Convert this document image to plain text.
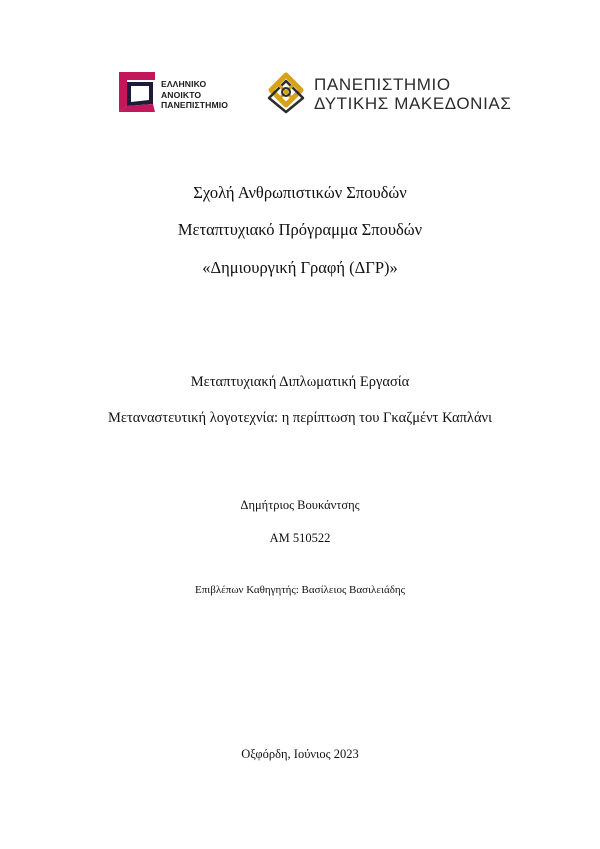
ΕΛΛΗΝΙΚΟ
ΑΝΟΙΚΤΟ
ΠΑΝΕΠΙΣΤΗΜΙΟ
ΠΑΝΕΠΙΣΤΗΜΙΟ
ΔΥΤΙΚΗΣ ΜΑΚΕΔΟΝΙΑΣ
Σχολή Ανθρωπιστικών Σπουδών
Μεταπτυχιακό Πρόγραμμα Σπουδών
«Δημιουργική Γραφή (ΔΓΡ)»
Μεταπτυχιακή Διπλωματική Εργασία
Μεταναστευτική λογοτεχνία: η περίπτωση του Γκαζμέντ Καπλάνι
Δημήτριος Βουκάντσης
ΑΜ 510522
Επιβλέπων Καθηγητής: Βασίλειος Βασιλειάδης
Οξφόρδη, Ιούνιος 2023
